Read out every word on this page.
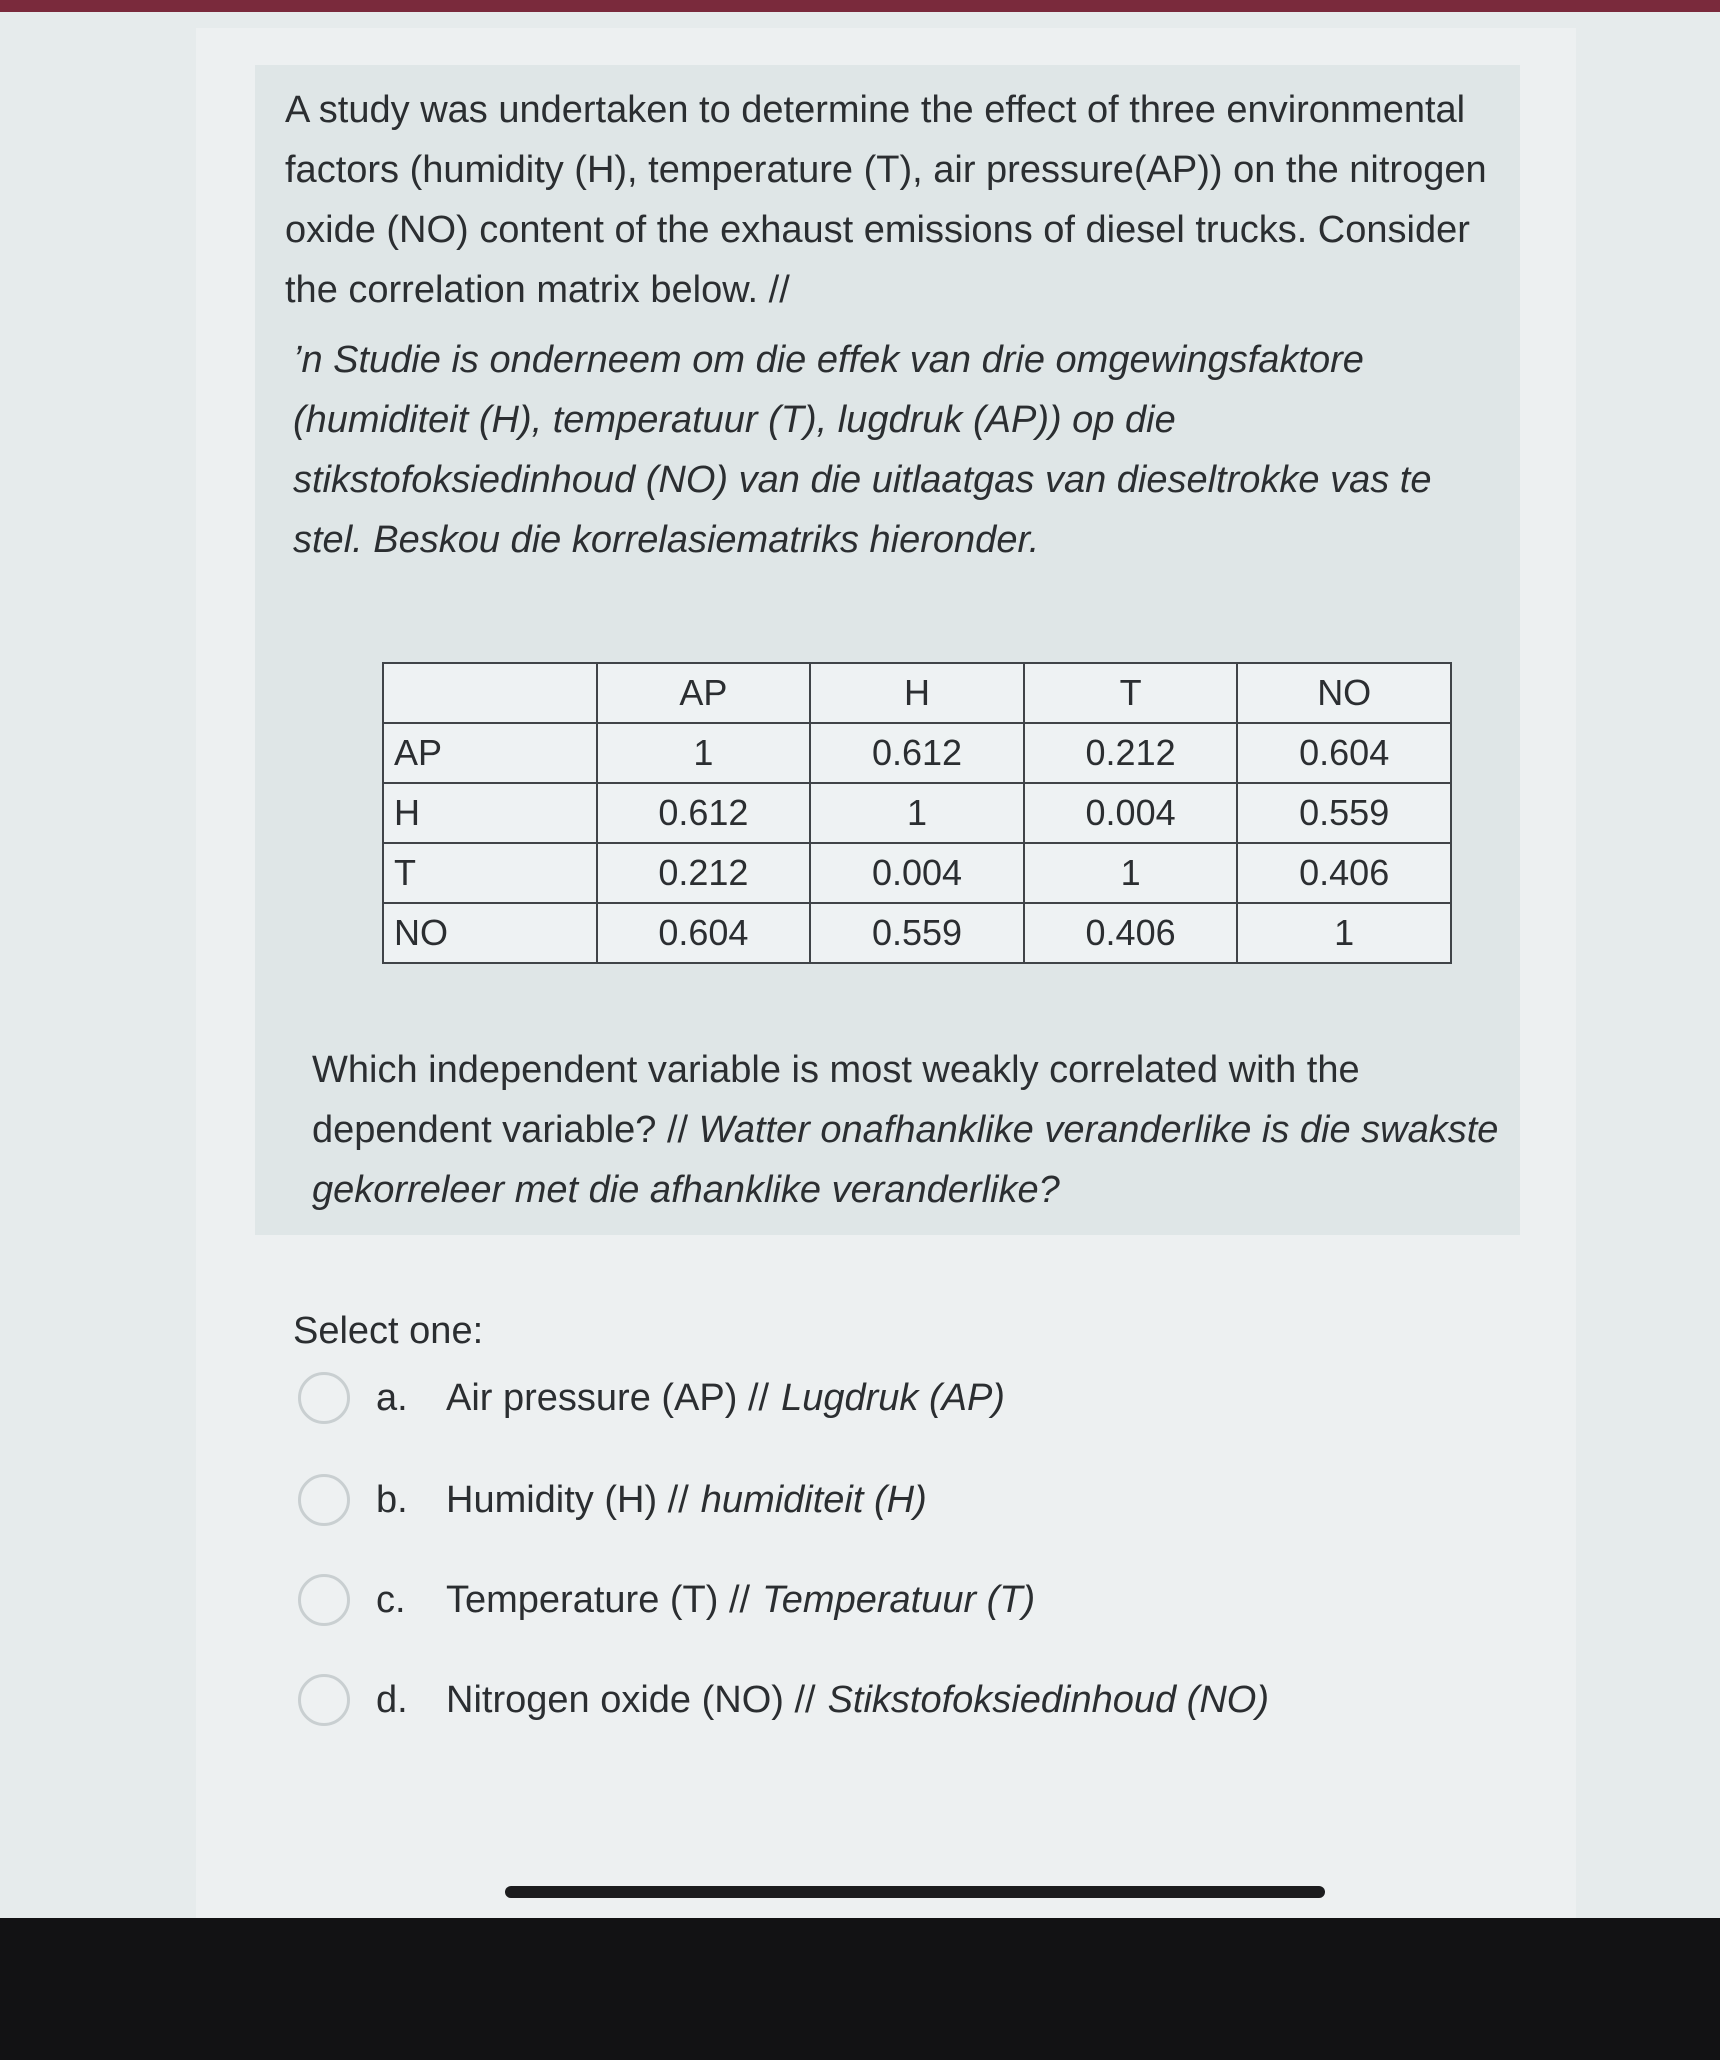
A study was undertaken to determine the effect of three environmental factors (humidity (H), temperature (T), air pressure(AP)) on the nitrogen oxide (NO) content of the exhaust emissions of diesel trucks. Consider the correlation matrix below. //

’n Studie is onderneem om die effek van drie omgewingsfaktore (humiditeit (H), temperatuur (T), lugdruk (AP)) op die stikstofoksiedinhoud (NO) van die uitlaatgas van dieseltrokke vas te stel. Beskou die korrelasiematriks hieronder.

	AP	H	T	NO
AP	1	0.612	0.212	0.604
H	0.612	1	0.004	0.559
T	0.212	0.004	1	0.406
NO	0.604	0.559	0.406	1

Which independent variable is most weakly correlated with the dependent variable? // Watter onafhanklike veranderlike is die swakste gekorreleer met die afhanklike veranderlike?

Select one:
a.	Air pressure (AP) // Lugdruk (AP)
b.	Humidity (H) // humiditeit (H)
c.	Temperature (T) // Temperatuur (T)
d.	Nitrogen oxide (NO) // Stikstofoksiedinhoud (NO)
